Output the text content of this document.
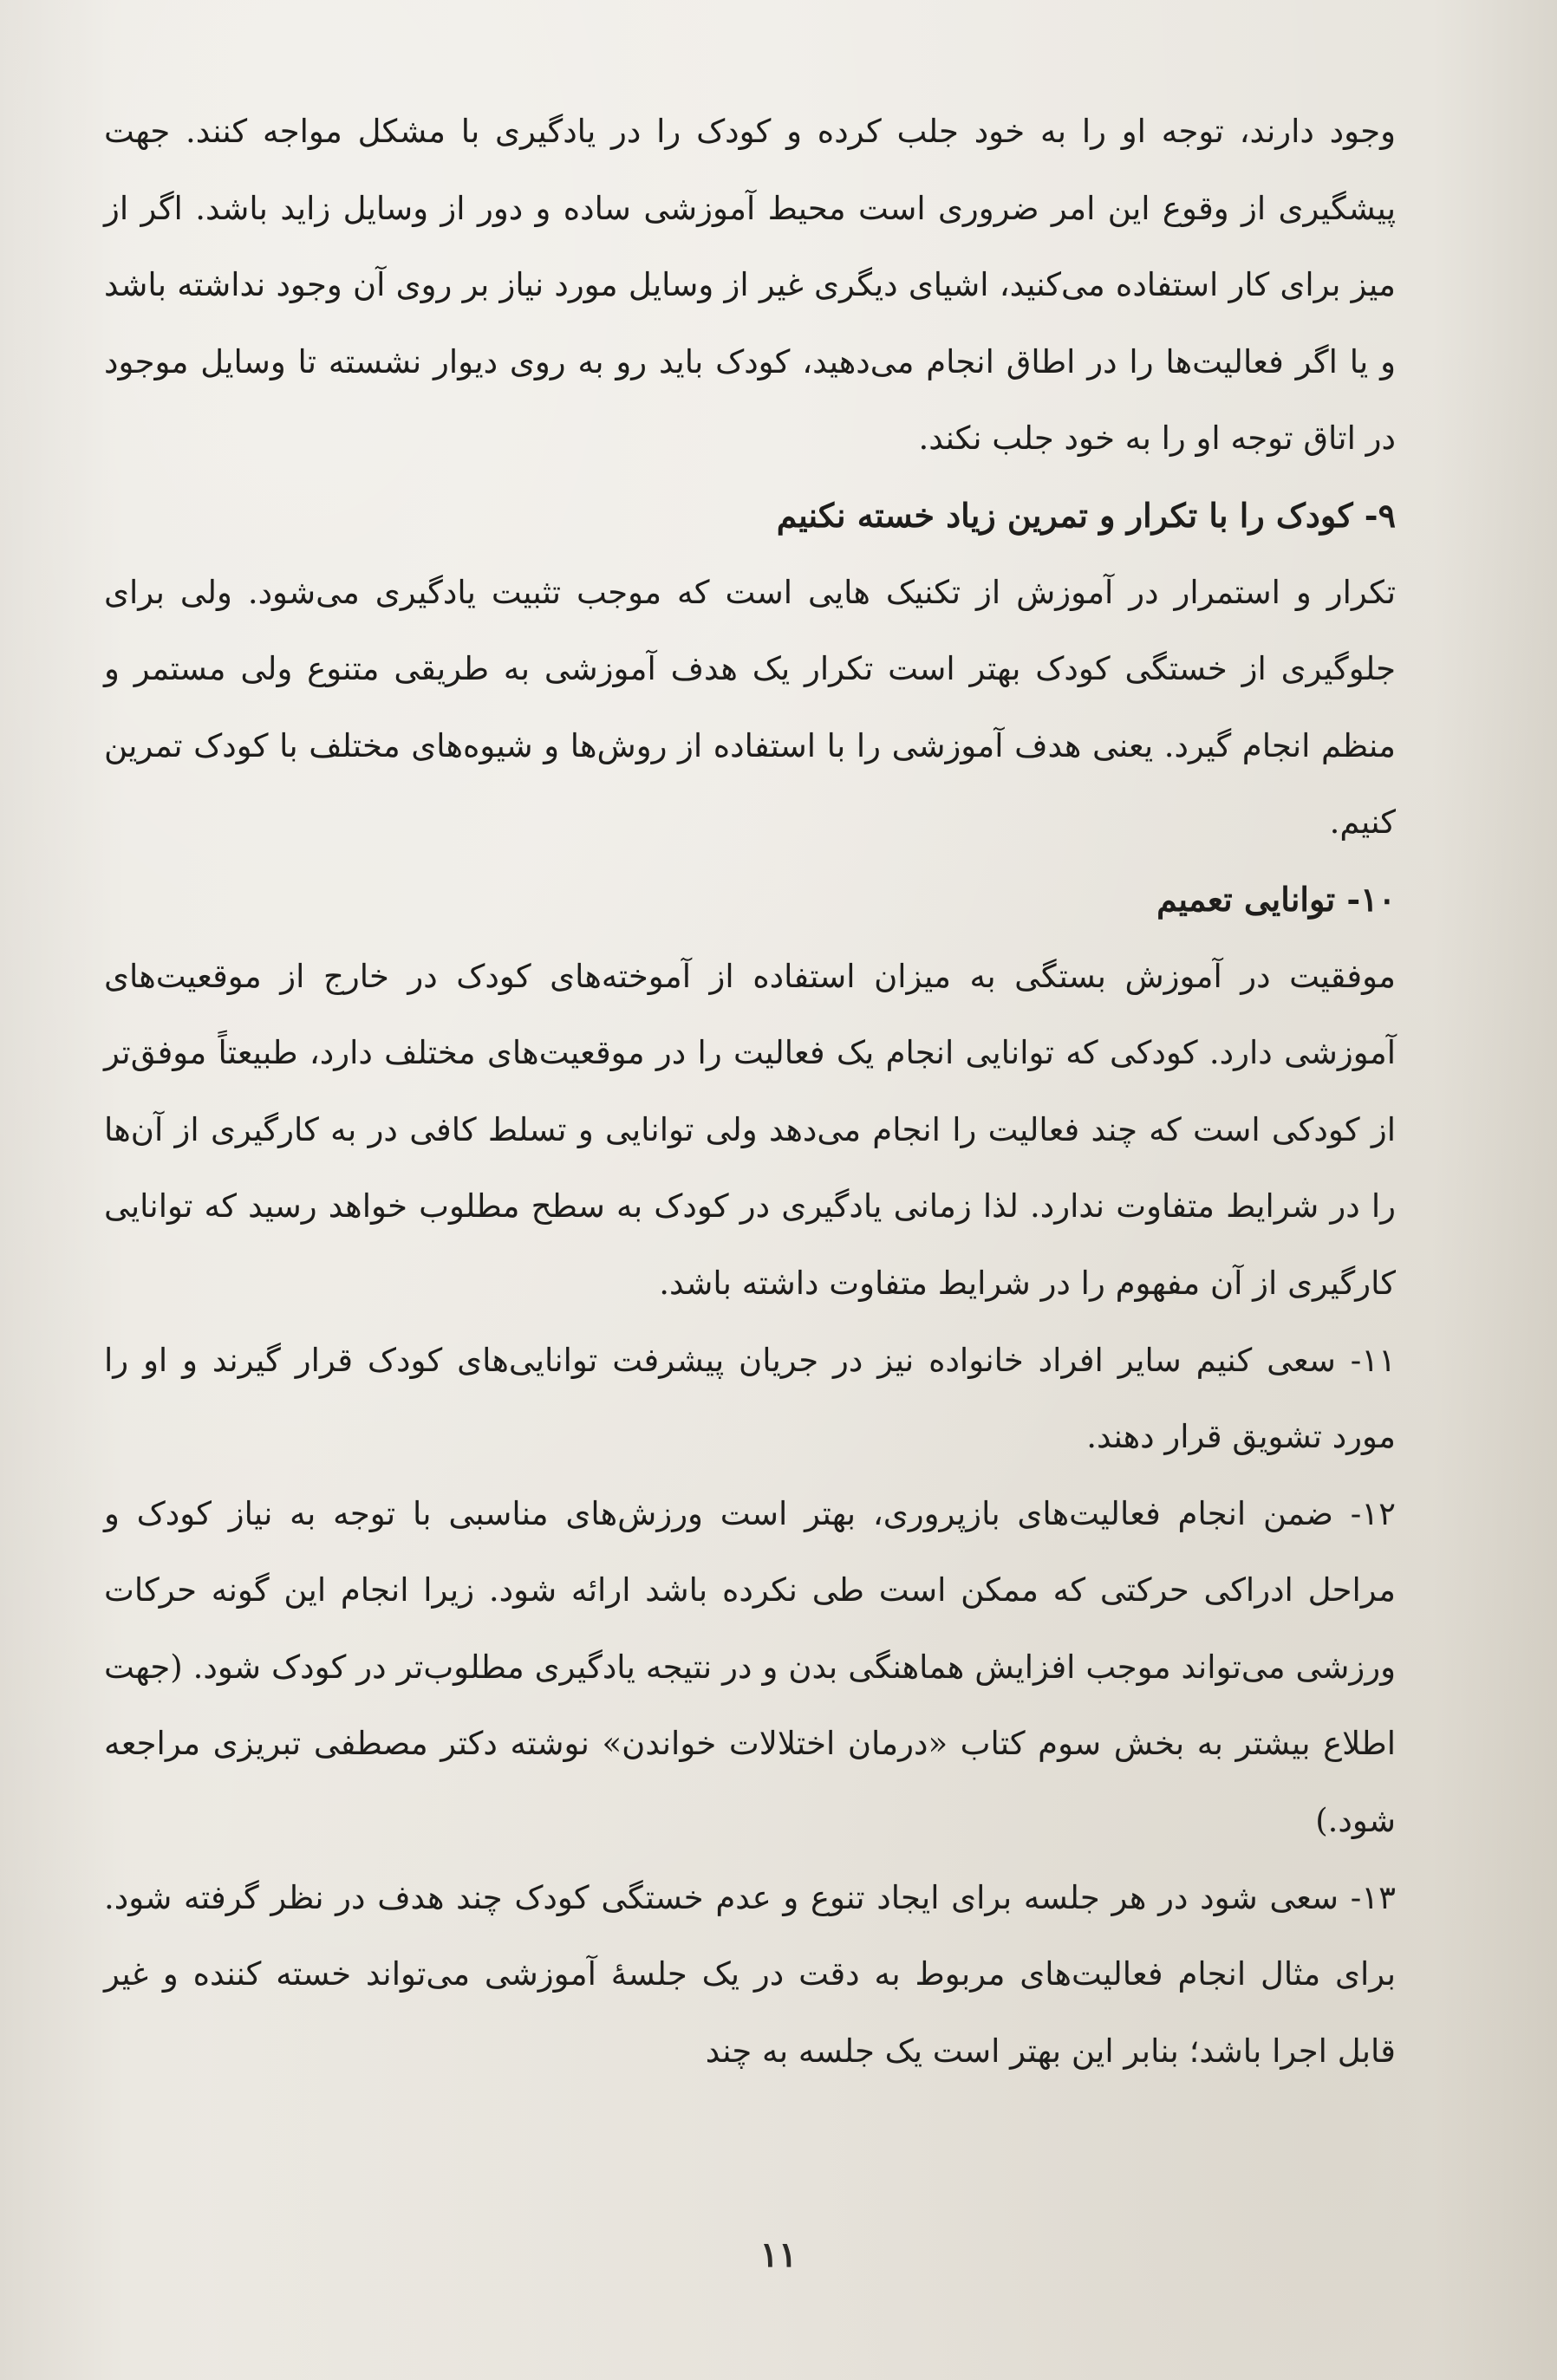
وجود دارند، توجه او را به خود جلب کرده و کودک را در یادگیری با مشکل مواجه کنند. جهت پیشگیری از وقوع این امر ضروری است محیط آموزشی ساده و دور از وسایل زاید باشد. اگر از میز برای کار استفاده می‌کنید، اشیای دیگری غیر از وسایل مورد نیاز بر روی آن وجود نداشته باشد و یا اگر فعالیت‌ها را در اطاق انجام می‌دهید، کودک باید رو به روی دیوار نشسته تا وسایل موجود در اتاق توجه او را به خود جلب نکند.

۹- کودک را با تکرار و تمرین زیاد خسته نکنیم

تکرار و استمرار در آموزش از تکنیک هایی است که موجب تثبیت یادگیری می‌شود. ولی برای جلوگیری از خستگی کودک بهتر است تکرار یک هدف آموزشی به طریقی متنوع ولی مستمر و منظم انجام گیرد. یعنی هدف آموزشی را با استفاده از روش‌ها و شیوه‌های مختلف با کودک تمرین کنیم.

۱۰- توانایی تعمیم

موفقیت در آموزش بستگی به میزان استفاده از آموخته‌های کودک در خارج از موقعیت‌های آموزشی دارد. کودکی که توانایی انجام یک فعالیت را در موقعیت‌های مختلف دارد، طبیعتاً موفق‌تر از کودکی است که چند فعالیت را انجام می‌دهد ولی توانایی و تسلط کافی در به کارگیری از آن‌ها را در شرایط متفاوت ندارد. لذا زمانی یادگیری در کودک به سطح مطلوب خواهد رسید که توانایی کارگیری از آن مفهوم را در شرایط متفاوت داشته باشد.

۱۱- سعی کنیم سایر افراد خانواده نیز در جریان پیشرفت توانایی‌های کودک قرار گیرند و او را مورد تشویق قرار دهند.

۱۲- ضمن انجام فعالیت‌های بازپروری، بهتر است ورزش‌های مناسبی با توجه به نیاز کودک و مراحل ادراکی حرکتی که ممکن است طی نکرده باشد ارائه شود. زیرا انجام این گونه حرکات ورزشی می‌تواند موجب افزایش هماهنگی بدن و در نتیجه یادگیری مطلوب‌تر در کودک شود. (جهت اطلاع بیشتر به بخش سوم کتاب «درمان اختلالات خواندن» نوشته دکتر مصطفی تبریزی مراجعه شود.)

۱۳- سعی شود در هر جلسه برای ایجاد تنوع و عدم خستگی کودک چند هدف در نظر گرفته شود. برای مثال انجام فعالیت‌های مربوط به دقت در یک جلسهٔ آموزشی می‌تواند خسته کننده و غیر قابل اجرا باشد؛ بنابر این بهتر است یک جلسه به چند

۱۱
